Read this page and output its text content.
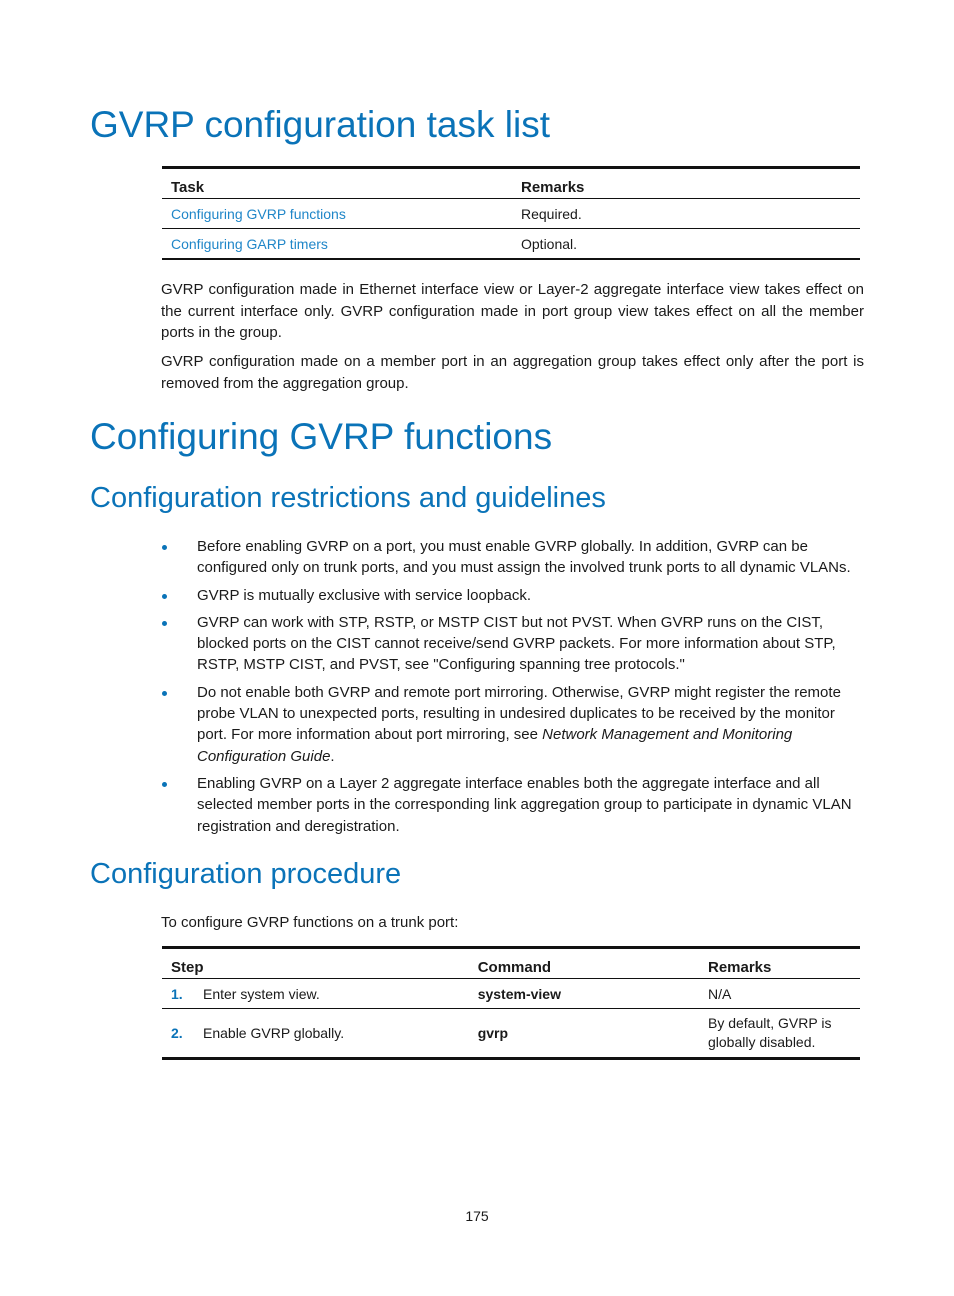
GVRP configuration task list
Task	Remarks
Configuring GVRP functions	Required.
Configuring GARP timers	Optional.

GVRP configuration made in Ethernet interface view or Layer-2 aggregate interface view takes effect on the current interface only. GVRP configuration made in port group view takes effect on all the member ports in the group.

GVRP configuration made on a member port in an aggregation group takes effect only after the port is removed from the aggregation group.

Configuring GVRP functions
Configuration restrictions and guidelines
Before enabling GVRP on a port, you must enable GVRP globally. In addition, GVRP can be configured only on trunk ports, and you must assign the involved trunk ports to all dynamic VLANs.
GVRP is mutually exclusive with service loopback.
GVRP can work with STP, RSTP, or MSTP CIST but not PVST. When GVRP runs on the CIST, blocked ports on the CIST cannot receive/send GVRP packets. For more information about STP, RSTP, MSTP CIST, and PVST, see "Configuring spanning tree protocols."
Do not enable both GVRP and remote port mirroring. Otherwise, GVRP might register the remote probe VLAN to unexpected ports, resulting in undesired duplicates to be received by the monitor port. For more information about port mirroring, see Network Management and Monitoring Configuration Guide.
Enabling GVRP on a Layer 2 aggregate interface enables both the aggregate interface and all selected member ports in the corresponding link aggregation group to participate in dynamic VLAN registration and deregistration.
Configuration procedure

To configure GVRP functions on a trunk port:

Step	Command	Remarks
1. Enter system view.	system-view	N/A
2. Enable GVRP globally.	gvrp	By default, GVRP is globally disabled.
175
